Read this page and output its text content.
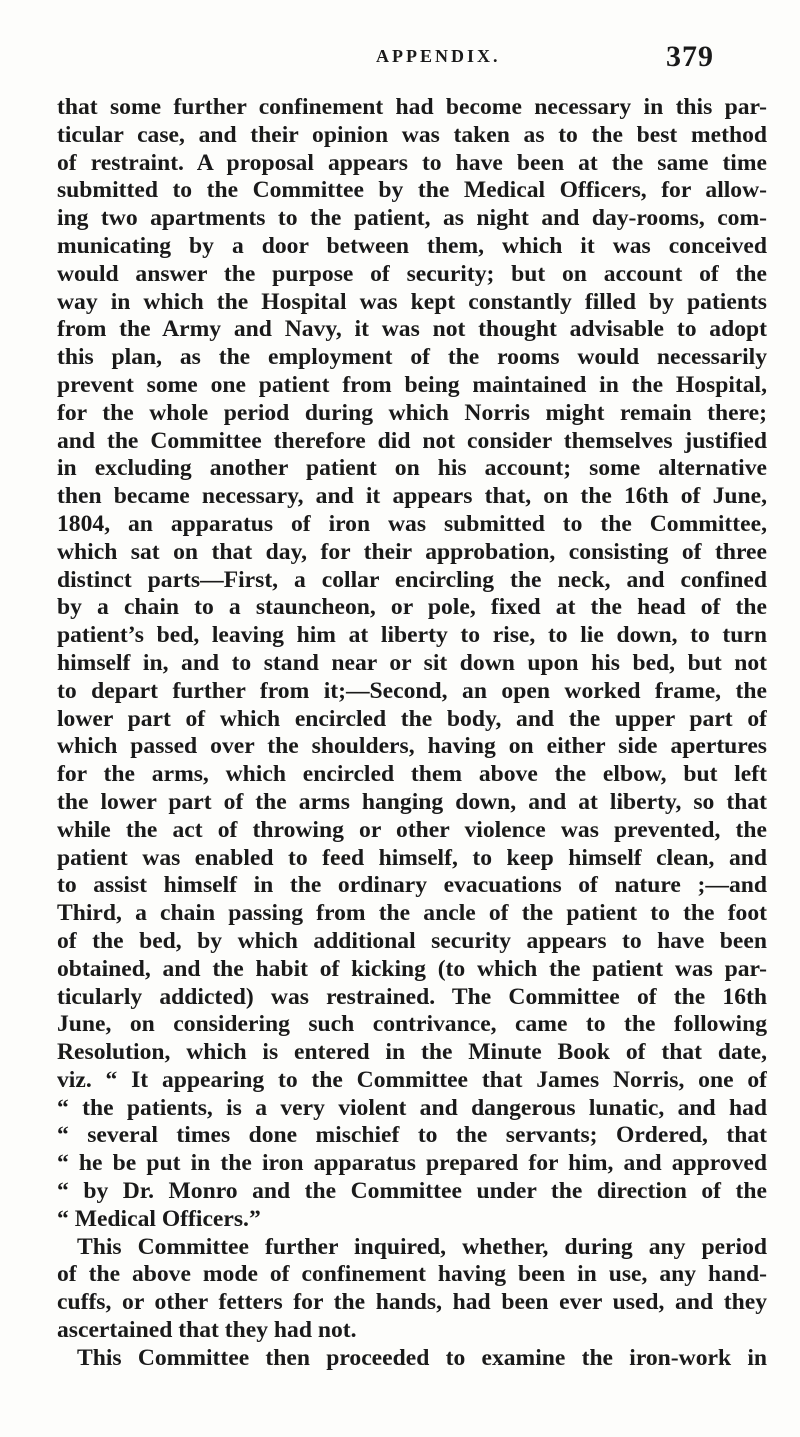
APPENDIX.	379
that some further confinement had become necessary in this par-
ticular case, and their opinion was taken as to the best method
of restraint. A proposal appears to have been at the same time
submitted to the Committee by the Medical Officers, for allow-
ing two apartments to the patient, as night and day-rooms, com-
municating by a door between them, which it was conceived
would answer the purpose of security; but on account of the
way in which the Hospital was kept constantly filled by patients
from the Army and Navy, it was not thought advisable to adopt
this plan, as the employment of the rooms would necessarily
prevent some one patient from being maintained in the Hospital,
for the whole period during which Norris might remain there;
and the Committee therefore did not consider themselves justified
in excluding another patient on his account; some alternative
then became necessary, and it appears that, on the 16th of June,
1804, an apparatus of iron was submitted to the Committee,
which sat on that day, for their approbation, consisting of three
distinct parts—First, a collar encircling the neck, and confined
by a chain to a stauncheon, or pole, fixed at the head of the
patient’s bed, leaving him at liberty to rise, to lie down, to turn
himself in, and to stand near or sit down upon his bed, but not
to depart further from it;—Second, an open worked frame, the
lower part of which encircled the body, and the upper part of
which passed over the shoulders, having on either side apertures
for the arms, which encircled them above the elbow, but left
the lower part of the arms hanging down, and at liberty, so that
while the act of throwing or other violence was prevented, the
patient was enabled to feed himself, to keep himself clean, and
to assist himself in the ordinary evacuations of nature ;—and
Third, a chain passing from the ancle of the patient to the foot
of the bed, by which additional security appears to have been
obtained, and the habit of kicking (to which the patient was par-
ticularly addicted) was restrained. The Committee of the 16th
June, on considering such contrivance, came to the following
Resolution, which is entered in the Minute Book of that date,
viz. “ It appearing to the Committee that James Norris, one of
“ the patients, is a very violent and dangerous lunatic, and had
“ several times done mischief to the servants; Ordered, that
“ he be put in the iron apparatus prepared for him, and approved
“ by Dr. Monro and the Committee under the direction of the
“ Medical Officers.”
This Committee further inquired, whether, during any period
of the above mode of confinement having been in use, any hand-
cuffs, or other fetters for the hands, had been ever used, and they
ascertained that they had not.
This Committee then proceeded to examine the iron-work in
